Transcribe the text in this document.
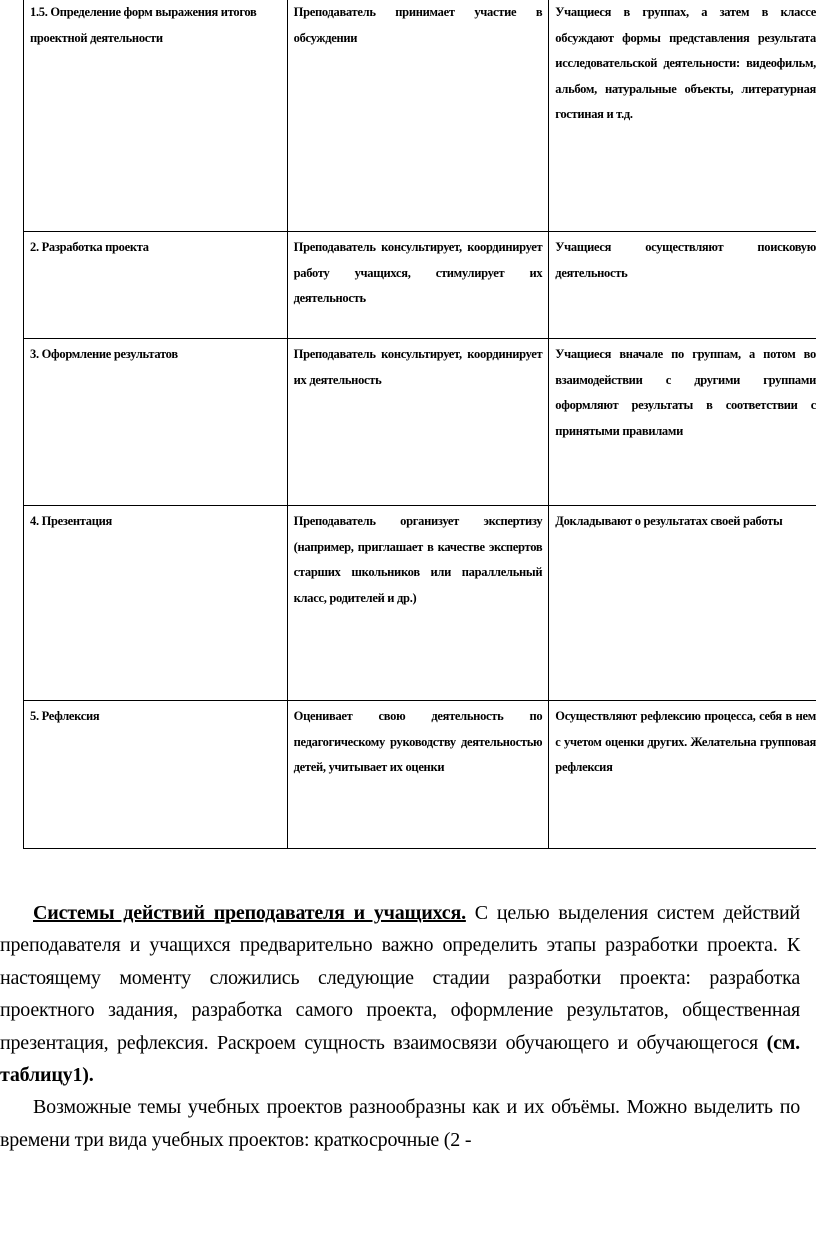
1.5. Определение форм выражения итогов проектной деятельности	Преподаватель принимает участие в обсуждении	Учащиеся в группах, а затем в классе обсуждают формы представления результата исследовательской деятельности: видеофильм, альбом, натуральные объекты, литературная гостиная и т.д.
2. Разработка проекта	Преподаватель консультирует, координирует работу учащихся, стимулирует их деятельность	Учащиеся осуществляют поисковую деятельность
3. Оформление результатов	Преподаватель консультирует, координирует их деятельность	Учащиеся вначале по группам, а потом во взаимодействии с другими группами оформляют результаты в соответствии с принятыми правилами
4. Презентация	Преподаватель организует экспертизу (например, приглашает в качестве экспертов старших школьников или параллельный класс, родителей и др.)	Докладывают о результатах своей работы
5. Рефлексия	Оценивает свою деятельность по педагогическому руководству деятельностью детей, учитывает их оценки	Осуществляют рефлексию процесса, себя в нем с учетом оценки других. Желательна групповая рефлексия

Системы действий преподавателя и учащихся. С целью выделения систем действий преподавателя и учащихся предварительно важно определить этапы разработки проекта. К настоящему моменту сложились следующие стадии разработки проекта: разработка проектного задания, разработка самого проекта, оформление результатов, общественная презентация, рефлексия. Раскроем сущность взаимосвязи обучающего и обучающегося (см. таблицу1).

Возможные темы учебных проектов разнообразны как и их объёмы. Можно выделить по времени три вида учебных проектов: краткосрочные (2 -
